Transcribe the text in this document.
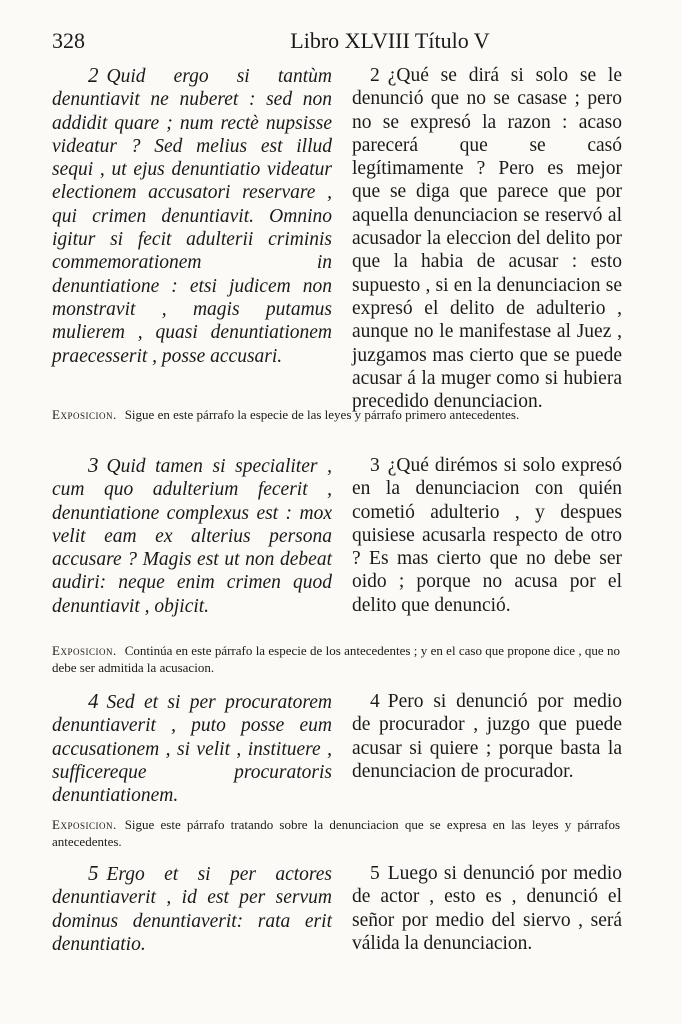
328	Libro XLVIII Título V
2 Quid ergo si tantùm denuntiavit ne nuberet : sed non addidit quare ; num rectè nupsisse videatur ? Sed melius est illud sequi , ut ejus denuntiatio videatur electionem accusatori reservare , qui crimen denuntiavit. Omnino igitur si fecit adulterii criminis commemorationem in denuntiatione : etsi judicem non monstravit , magis putamus mulierem , quasi denuntiationem praecesserit , posse accusari.
2 ¿Qué se dirá si solo se le denunció que no se casase ; pero no se expresó la razon : acaso parecerá que se casó legítimamente ? Pero es mejor que se diga que parece que por aquella denunciacion se reservó al acusador la eleccion del delito por que la habia de acusar : esto supuesto , si en la denunciacion se expresó el delito de adulterio , aunque no le manifestase al Juez , juzgamos mas cierto que se puede acusar á la muger como si hubiera precedido denunciacion.
Exposicion. Sigue en este párrafo la especie de las leyes y párrafo primero antecedentes.
3 Quid tamen si specialiter , cum quo adulterium fecerit , denuntiatione complexus est : mox velit eam ex alterius persona accusare ? Magis est ut non debeat audiri: neque enim crimen quod denuntiavit , objicit.
3 ¿Qué dirémos si solo expresó en la denunciacion con quién cometió adulterio , y despues quisiese acusarla respecto de otro ? Es mas cierto que no debe ser oido ; porque no acusa por el delito que denunció.
Exposicion. Continúa en este párrafo la especie de los antecedentes ; y en el caso que propone dice , que no debe ser admitida la acusacion.
4 Sed et si per procuratorem denuntiaverit , puto posse eum accusationem , si velit , instituere , sufficereque procuratoris denuntiationem.
4 Pero si denunció por medio de procurador , juzgo que puede acusar si quiere ; porque basta la denunciacion de procurador.
Exposicion. Sigue este párrafo tratando sobre la denunciacion que se expresa en las leyes y párrafos antecedentes.
5 Ergo et si per actores denuntiaverit , id est per servum dominus denuntiaverit: rata erit denuntiatio.
5 Luego si denunció por medio de actor , esto es , denunció el señor por medio del siervo , será válida la denunciacion.
